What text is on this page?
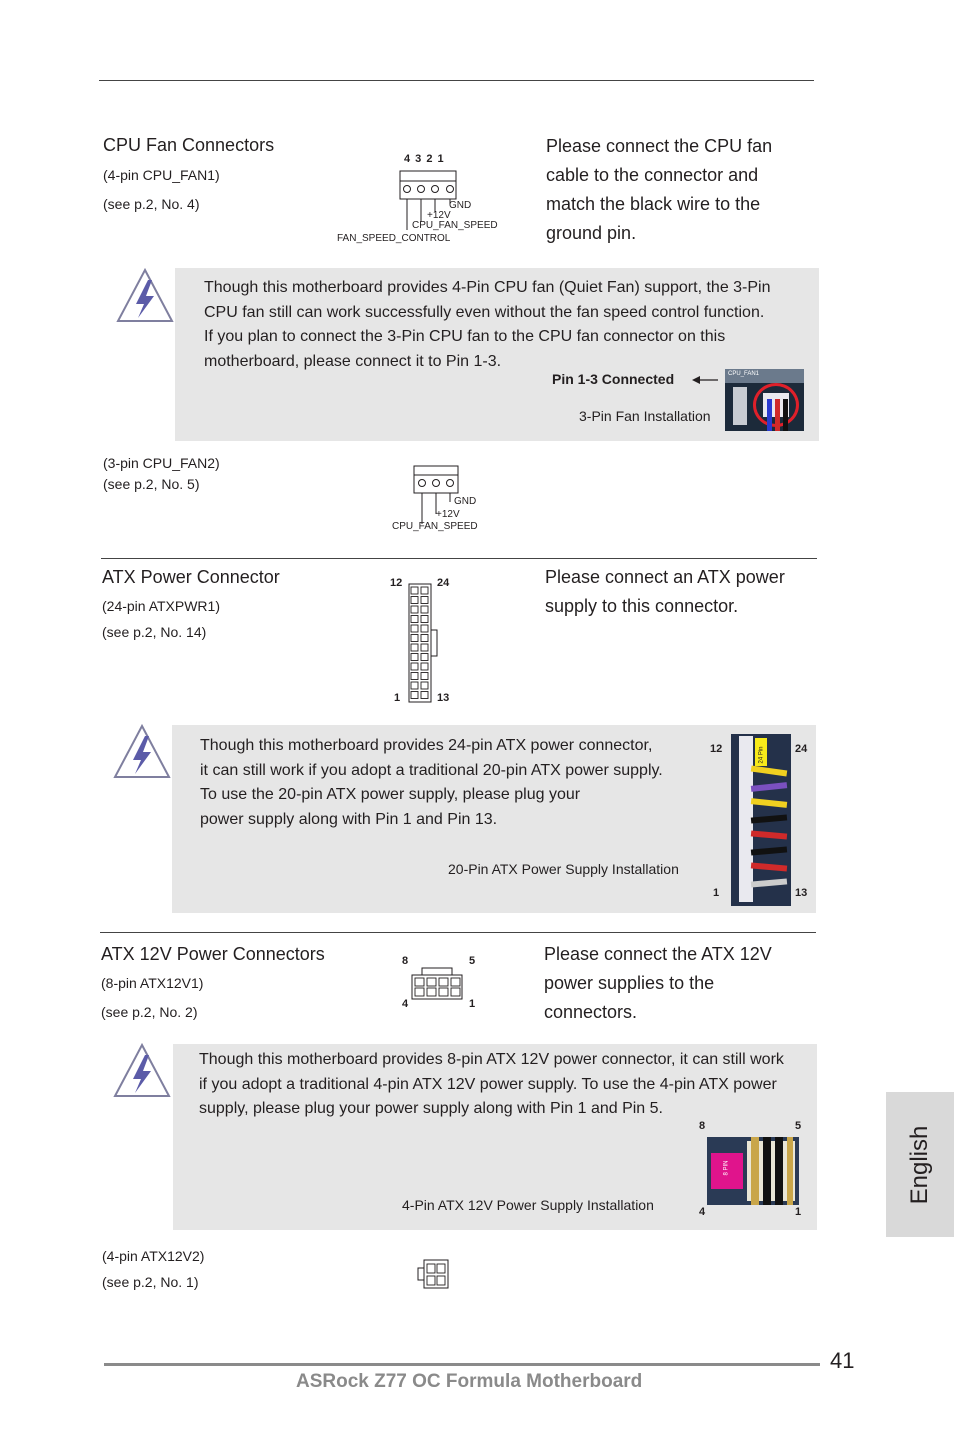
CPU Fan Connectors
(4-pin CPU_FAN1)
(see p.2, No. 4)
4 3 2 1
GND
+12V
CPU_FAN_SPEED
FAN_SPEED_CONTROL
Please connect the CPU fan
cable to the connector and
match the black wire to the
ground pin.
Though this motherboard provides 4-Pin CPU fan (Quiet Fan) support, the 3-Pin
CPU fan still can work successfully even without the fan speed control function.
If you plan to connect the 3-Pin CPU fan to the CPU fan connector on this
motherboard, please connect it to Pin 1-3.
Pin 1-3 Connected
3-Pin Fan Installation
CPU_FAN1
(3-pin CPU_FAN2)
(see p.2, No. 5)
GND
+12V
CPU_FAN_SPEED
ATX Power Connector
(24-pin ATXPWR1)
(see p.2, No. 14)
12	24
1	13
Please connect an ATX power
supply to this connector.
Though this motherboard provides 24-pin ATX power connector,
it can still work if you adopt a traditional 20-pin ATX power supply.
To use the 20-pin ATX power supply, please plug your
power supply along with Pin 1 and Pin 13.
20-Pin ATX Power Supply Installation
12	24
1	13
24 Pin
ATX 12V Power Connectors
(8-pin ATX12V1)
(see p.2, No. 2)
8	5
4	1
Please connect the ATX 12V
power supplies to the
connectors.
Though this motherboard provides 8-pin ATX 12V power connector, it can still work
if you adopt a traditional 4-pin ATX 12V power supply. To use the 4-pin ATX power
supply, please plug your power supply along with Pin 1 and Pin 5.
4-Pin ATX 12V Power Supply Installation
8	5
4	1
8 PIN
(4-pin ATX12V2)
(see p.2, No. 1)
English
41
ASRock Z77 OC Formula Motherboard
